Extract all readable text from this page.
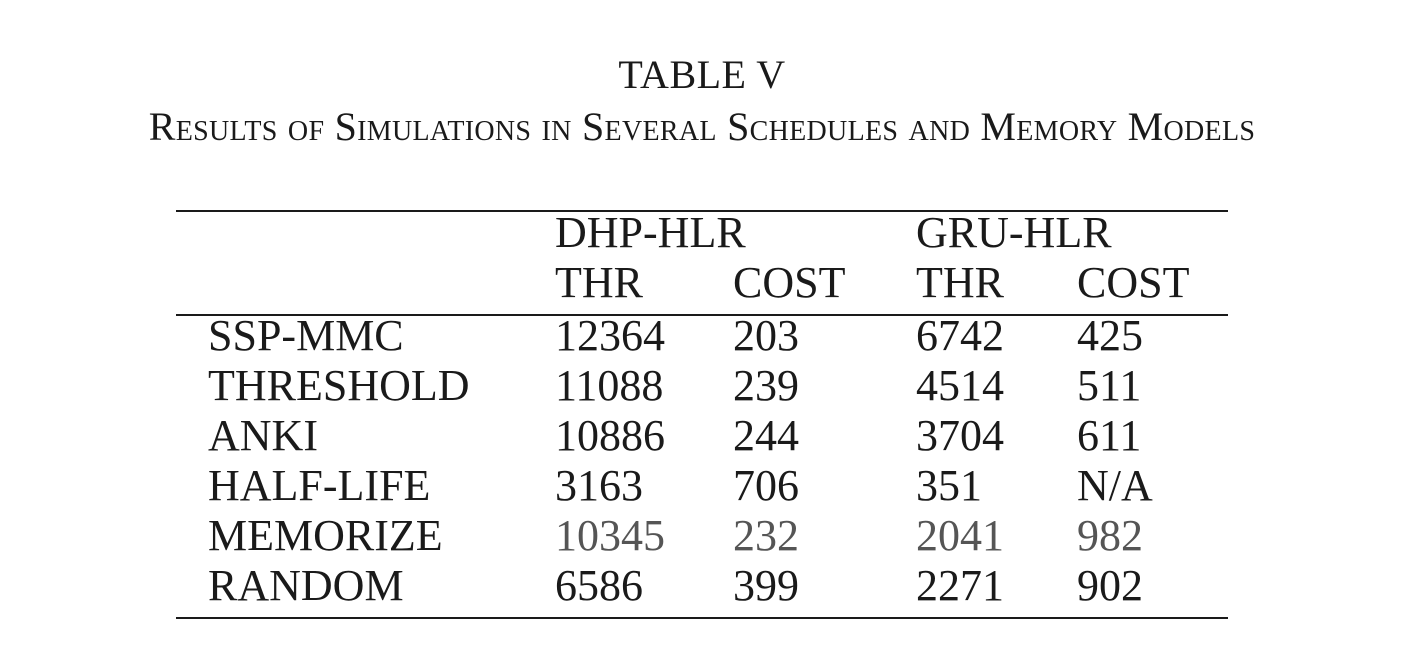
TABLE V
Results of Simulations in Several Schedules and Memory Models
DHP-HLR	GRU-HLR
THR COST THR COST
SSP-MMC	12364 203	6742 425
THRESHOLD 11088 239	4514 511
ANKI	10886 244	3704 611
HALF-LIFE	3163 706	351 N/A
MEMORIZE	10345 232	2041 982
RANDOM	6586 399	2271 902
